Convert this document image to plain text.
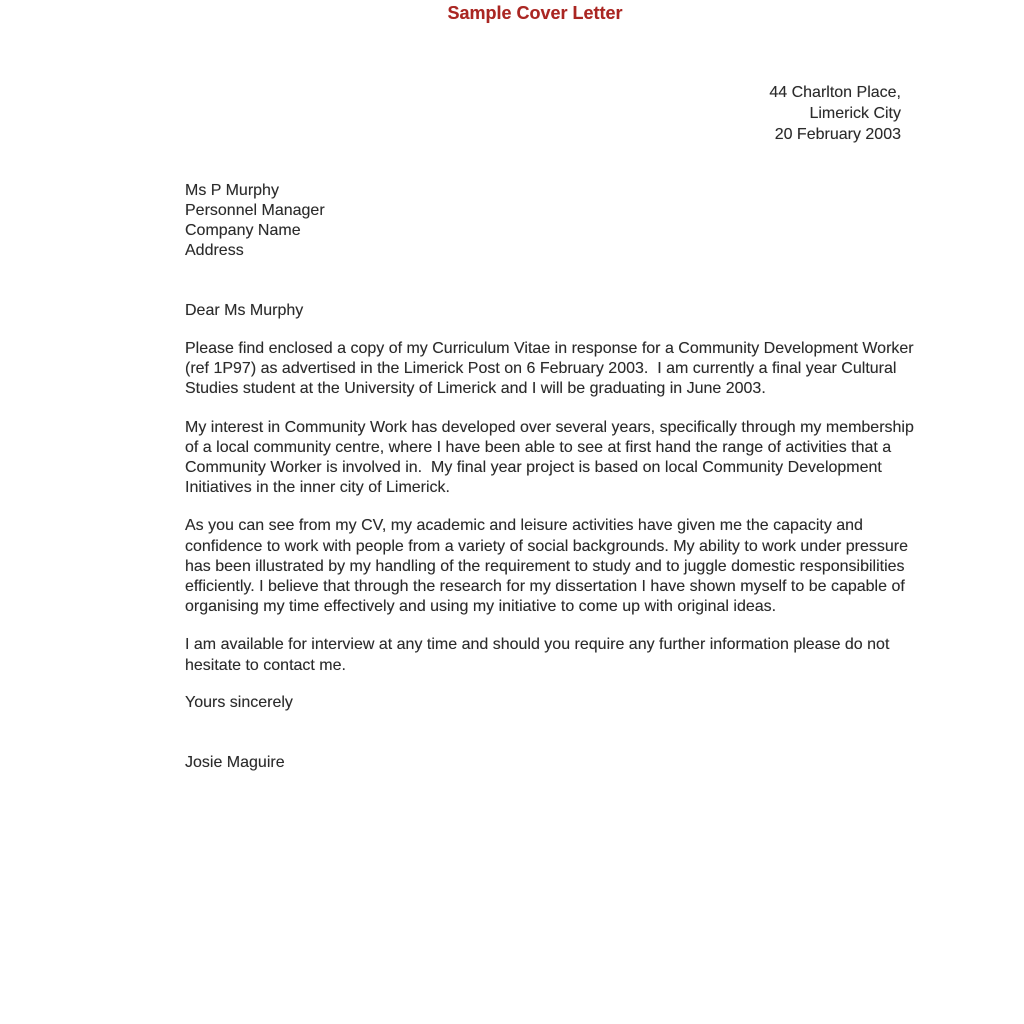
Sample Cover Letter
44 Charlton Place,
Limerick City
20 February 2003
Ms P Murphy
Personnel Manager
Company Name
Address

Dear Ms Murphy

Please find enclosed a copy of my Curriculum Vitae in response for a Community Development Worker (ref 1P97) as advertised in the Limerick Post on 6 February 2003.  I am currently a final year Cultural Studies student at the University of Limerick and I will be graduating in June 2003.

My interest in Community Work has developed over several years, specifically through my membership of a local community centre, where I have been able to see at first hand the range of activities that a Community Worker is involved in.  My final year project is based on local Community Development Initiatives in the inner city of Limerick.

As you can see from my CV, my academic and leisure activities have given me the capacity and confidence to work with people from a variety of social backgrounds. My ability to work under pressure has been illustrated by my handling of the requirement to study and to juggle domestic responsibilities efficiently. I believe that through the research for my dissertation I have shown myself to be capable of organising my time effectively and using my initiative to come up with original ideas.

I am available for interview at any time and should you require any further information please do not hesitate to contact me.

Yours sincerely

Josie Maguire
